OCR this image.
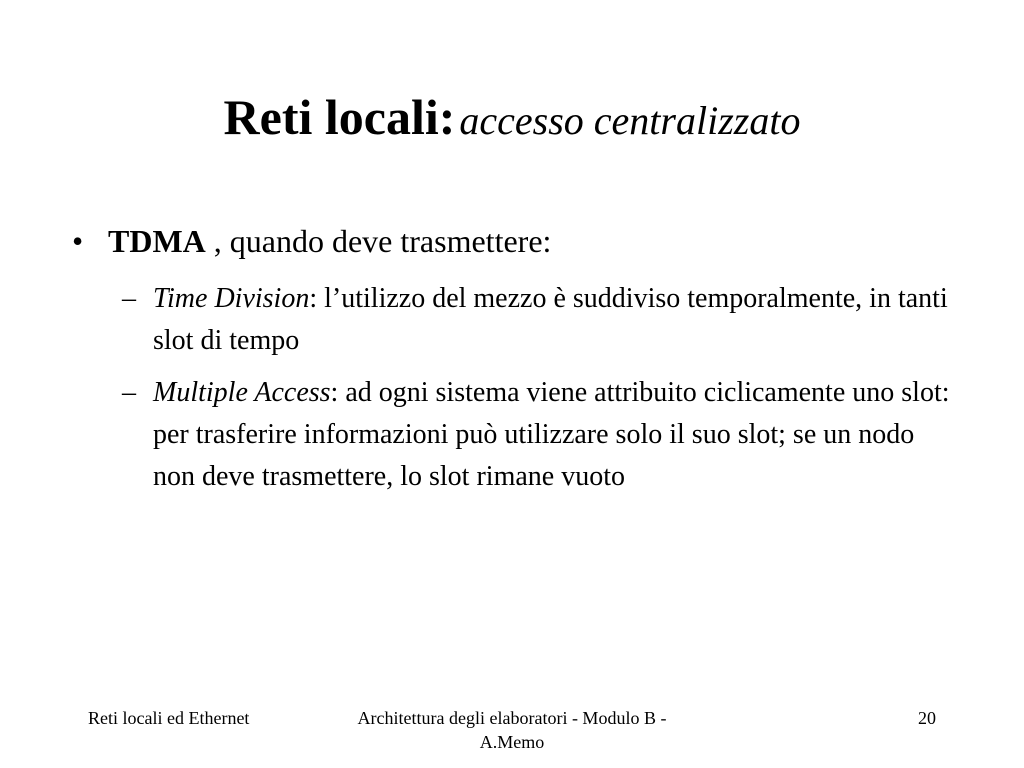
Reti locali: accesso centralizzato
• TDMA , quando deve trasmettere:
– Time Division: l’utilizzo del mezzo è suddiviso temporalmente, in tanti slot di tempo
– Multiple Access: ad ogni sistema viene attribuito ciclicamente uno slot: per trasferire informazioni può utilizzare solo il suo slot; se un nodo non deve trasmettere, lo slot rimane vuoto
Reti locali ed Ethernet	Architettura degli elaboratori - Modulo B - A.Memo
20
